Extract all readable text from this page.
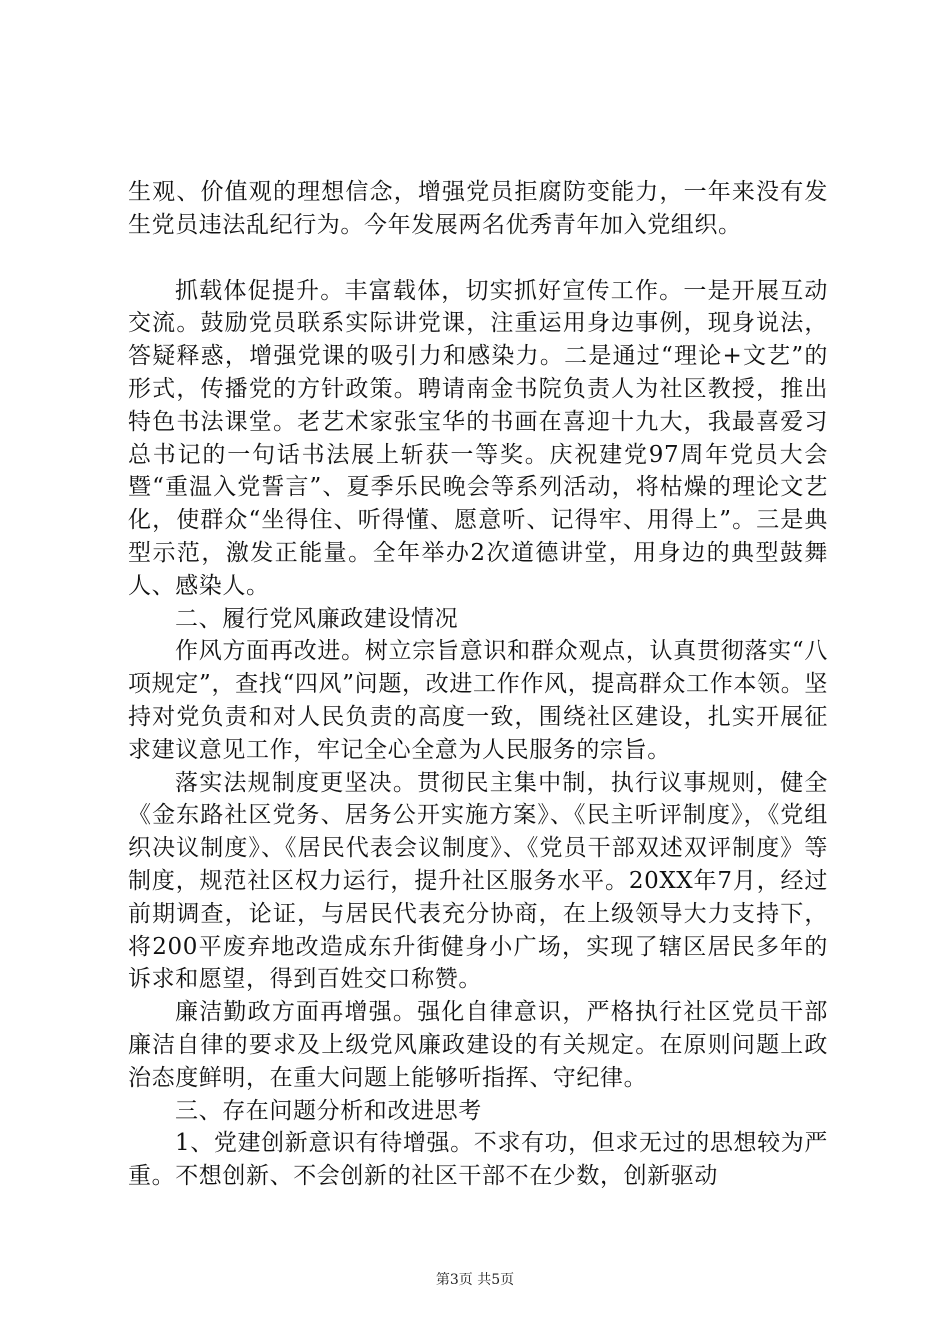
生观、价值观的理想信念，增强党员拒腐防变能力，一年来没有发生党员违法乱纪行为。今年发展两名优秀青年加入党组织。

抓载体促提升。丰富载体，切实抓好宣传工作。一是开展互动交流。鼓励党员联系实际讲党课，注重运用身边事例，现身说法，答疑释惑，增强党课的吸引力和感染力。二是通过“理论+文艺”的形式，传播党的方针政策。聘请南金书院负责人为社区教授，推出特色书法课堂。老艺术家张宝华的书画在喜迎十九大，我最喜爱习总书记的一句话书法展上斩获一等奖。庆祝建党97周年党员大会暨“重温入党誓言”、夏季乐民晚会等系列活动，将枯燥的理论文艺化，使群众“坐得住、听得懂、愿意听、记得牢、用得上”。三是典型示范，激发正能量。全年举办2次道德讲堂，用身边的典型鼓舞人、感染人。

二、履行党风廉政建设情况

作风方面再改进。树立宗旨意识和群众观点，认真贯彻落实“八项规定”，查找“四风”问题，改进工作作风，提高群众工作本领。坚持对党负责和对人民负责的高度一致，围绕社区建设，扎实开展征求建议意见工作，牢记全心全意为人民服务的宗旨。

落实法规制度更坚决。贯彻民主集中制，执行议事规则，健全《金东路社区党务、居务公开实施方案》、《民主听评制度》，《党组织决议制度》、《居民代表会议制度》、《党员干部双述双评制度》等制度，规范社区权力运行，提升社区服务水平。20XX年7月，经过前期调查，论证，与居民代表充分协商，在上级领导大力支持下，将200平废弃地改造成东升街健身小广场，实现了辖区居民多年的诉求和愿望，得到百姓交口称赞。

廉洁勤政方面再增强。强化自律意识，严格执行社区党员干部廉洁自律的要求及上级党风廉政建设的有关规定。在原则问题上政治态度鲜明，在重大问题上能够听指挥、守纪律。

三、存在问题分析和改进思考

1、党建创新意识有待增强。不求有功，但求无过的思想较为严重。不想创新、不会创新的社区干部不在少数，创新驱动

第3页 共5页
